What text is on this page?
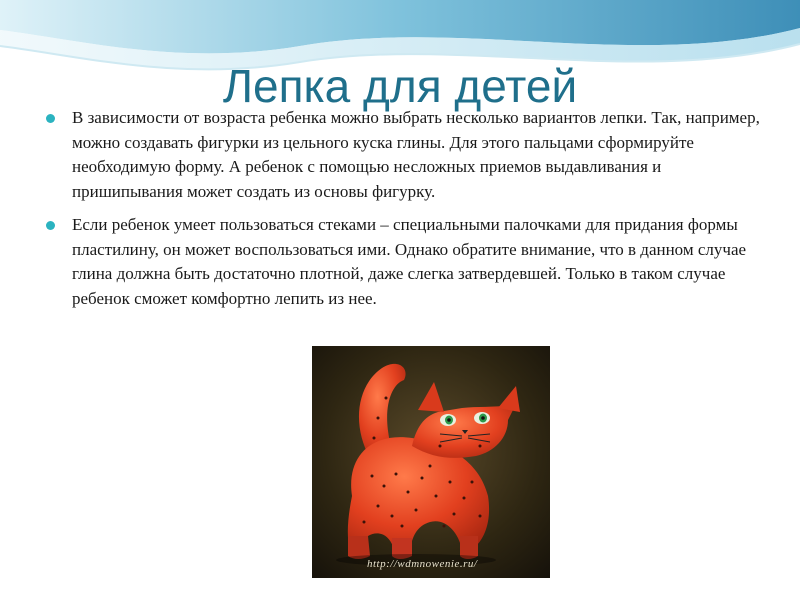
Лепка для детей
В зависимости от возраста ребенка можно выбрать несколько вариантов лепки. Так, например, можно создавать фигурки из цельного куска глины. Для этого пальцами сформируйте необходимую форму. А ребенок с помощью несложных приемов выдавливания и пришипывания может создать из основы фигурку.
Если ребенок умеет пользоваться стеками – специальными палочками для придания формы пластилину, он может воспользоваться ими. Однако обратите внимание, что в данном случае глина должна быть достаточно плотной, даже слегка затвердевшей. Только в таком случае ребенок сможет комфортно лепить из нее.
http://wdmnowenie.ru/
